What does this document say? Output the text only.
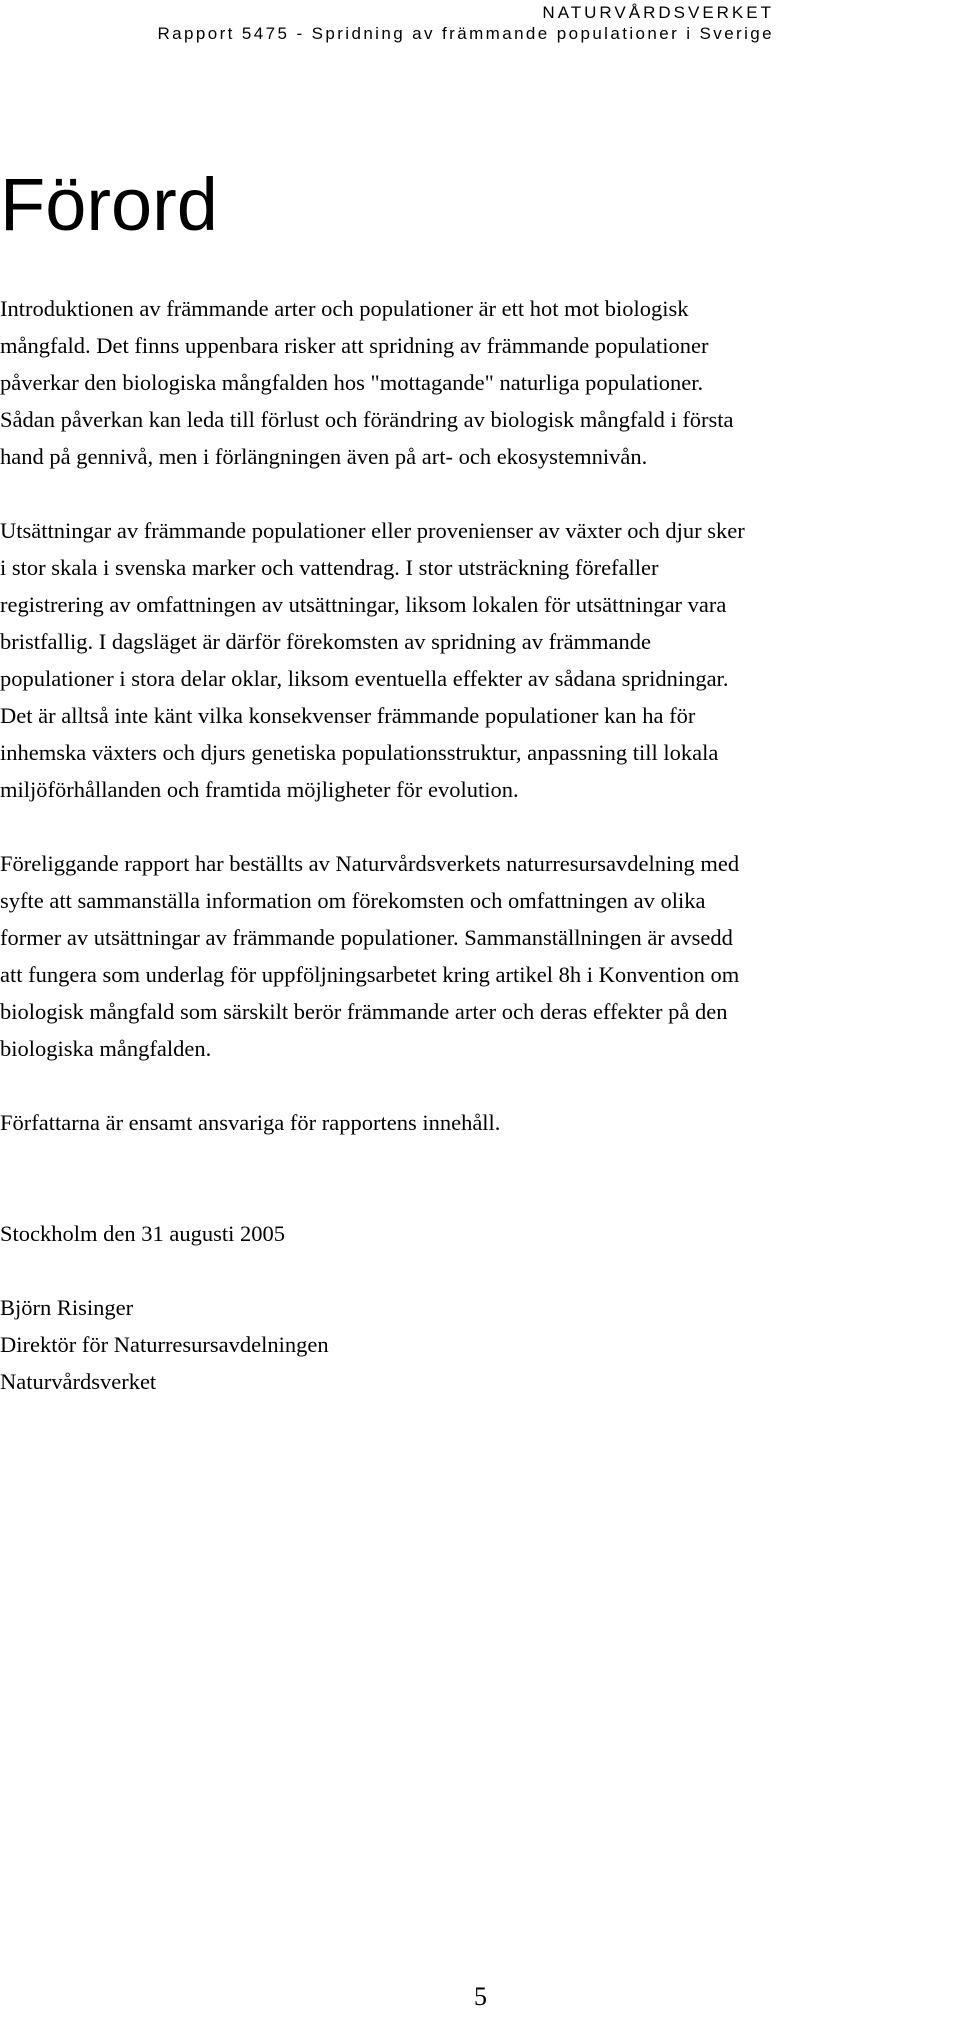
NATURVÅRDSVERKET
Rapport 5475 - Spridning av främmande populationer i Sverige
Förord

Introduktionen av främmande arter och populationer är ett hot mot biologisk
mångfald. Det finns uppenbara risker att spridning av främmande populationer
påverkar den biologiska mångfalden hos "mottagande" naturliga populationer.
Sådan påverkan kan leda till förlust och förändring av biologisk mångfald i första
hand på gennivå, men i förlängningen även på art- och ekosystemnivån.

Utsättningar av främmande populationer eller provenienser av växter och djur sker
i stor skala i svenska marker och vattendrag. I stor utsträckning förefaller
registrering av omfattningen av utsättningar, liksom lokalen för utsättningar vara
bristfallig. I dagsläget är därför förekomsten av spridning av främmande
populationer i stora delar oklar, liksom eventuella effekter av sådana spridningar.
Det är alltså inte känt vilka konsekvenser främmande populationer kan ha för
inhemska växters och djurs genetiska populationsstruktur, anpassning till lokala
miljöförhållanden och framtida möjligheter för evolution.

Föreliggande rapport har beställts av Naturvårdsverkets naturresursavdelning med
syfte att sammanställa information om förekomsten och omfattningen av olika
former av utsättningar av främmande populationer. Sammanställningen är avsedd
att fungera som underlag för uppföljningsarbetet kring artikel 8h i Konvention om
biologisk mångfald som särskilt berör främmande arter och deras effekter på den
biologiska mångfalden.

Författarna är ensamt ansvariga för rapportens innehåll.

Stockholm den 31 augusti 2005

Björn Risinger
Direktör för Naturresursavdelningen
Naturvårdsverket

5
